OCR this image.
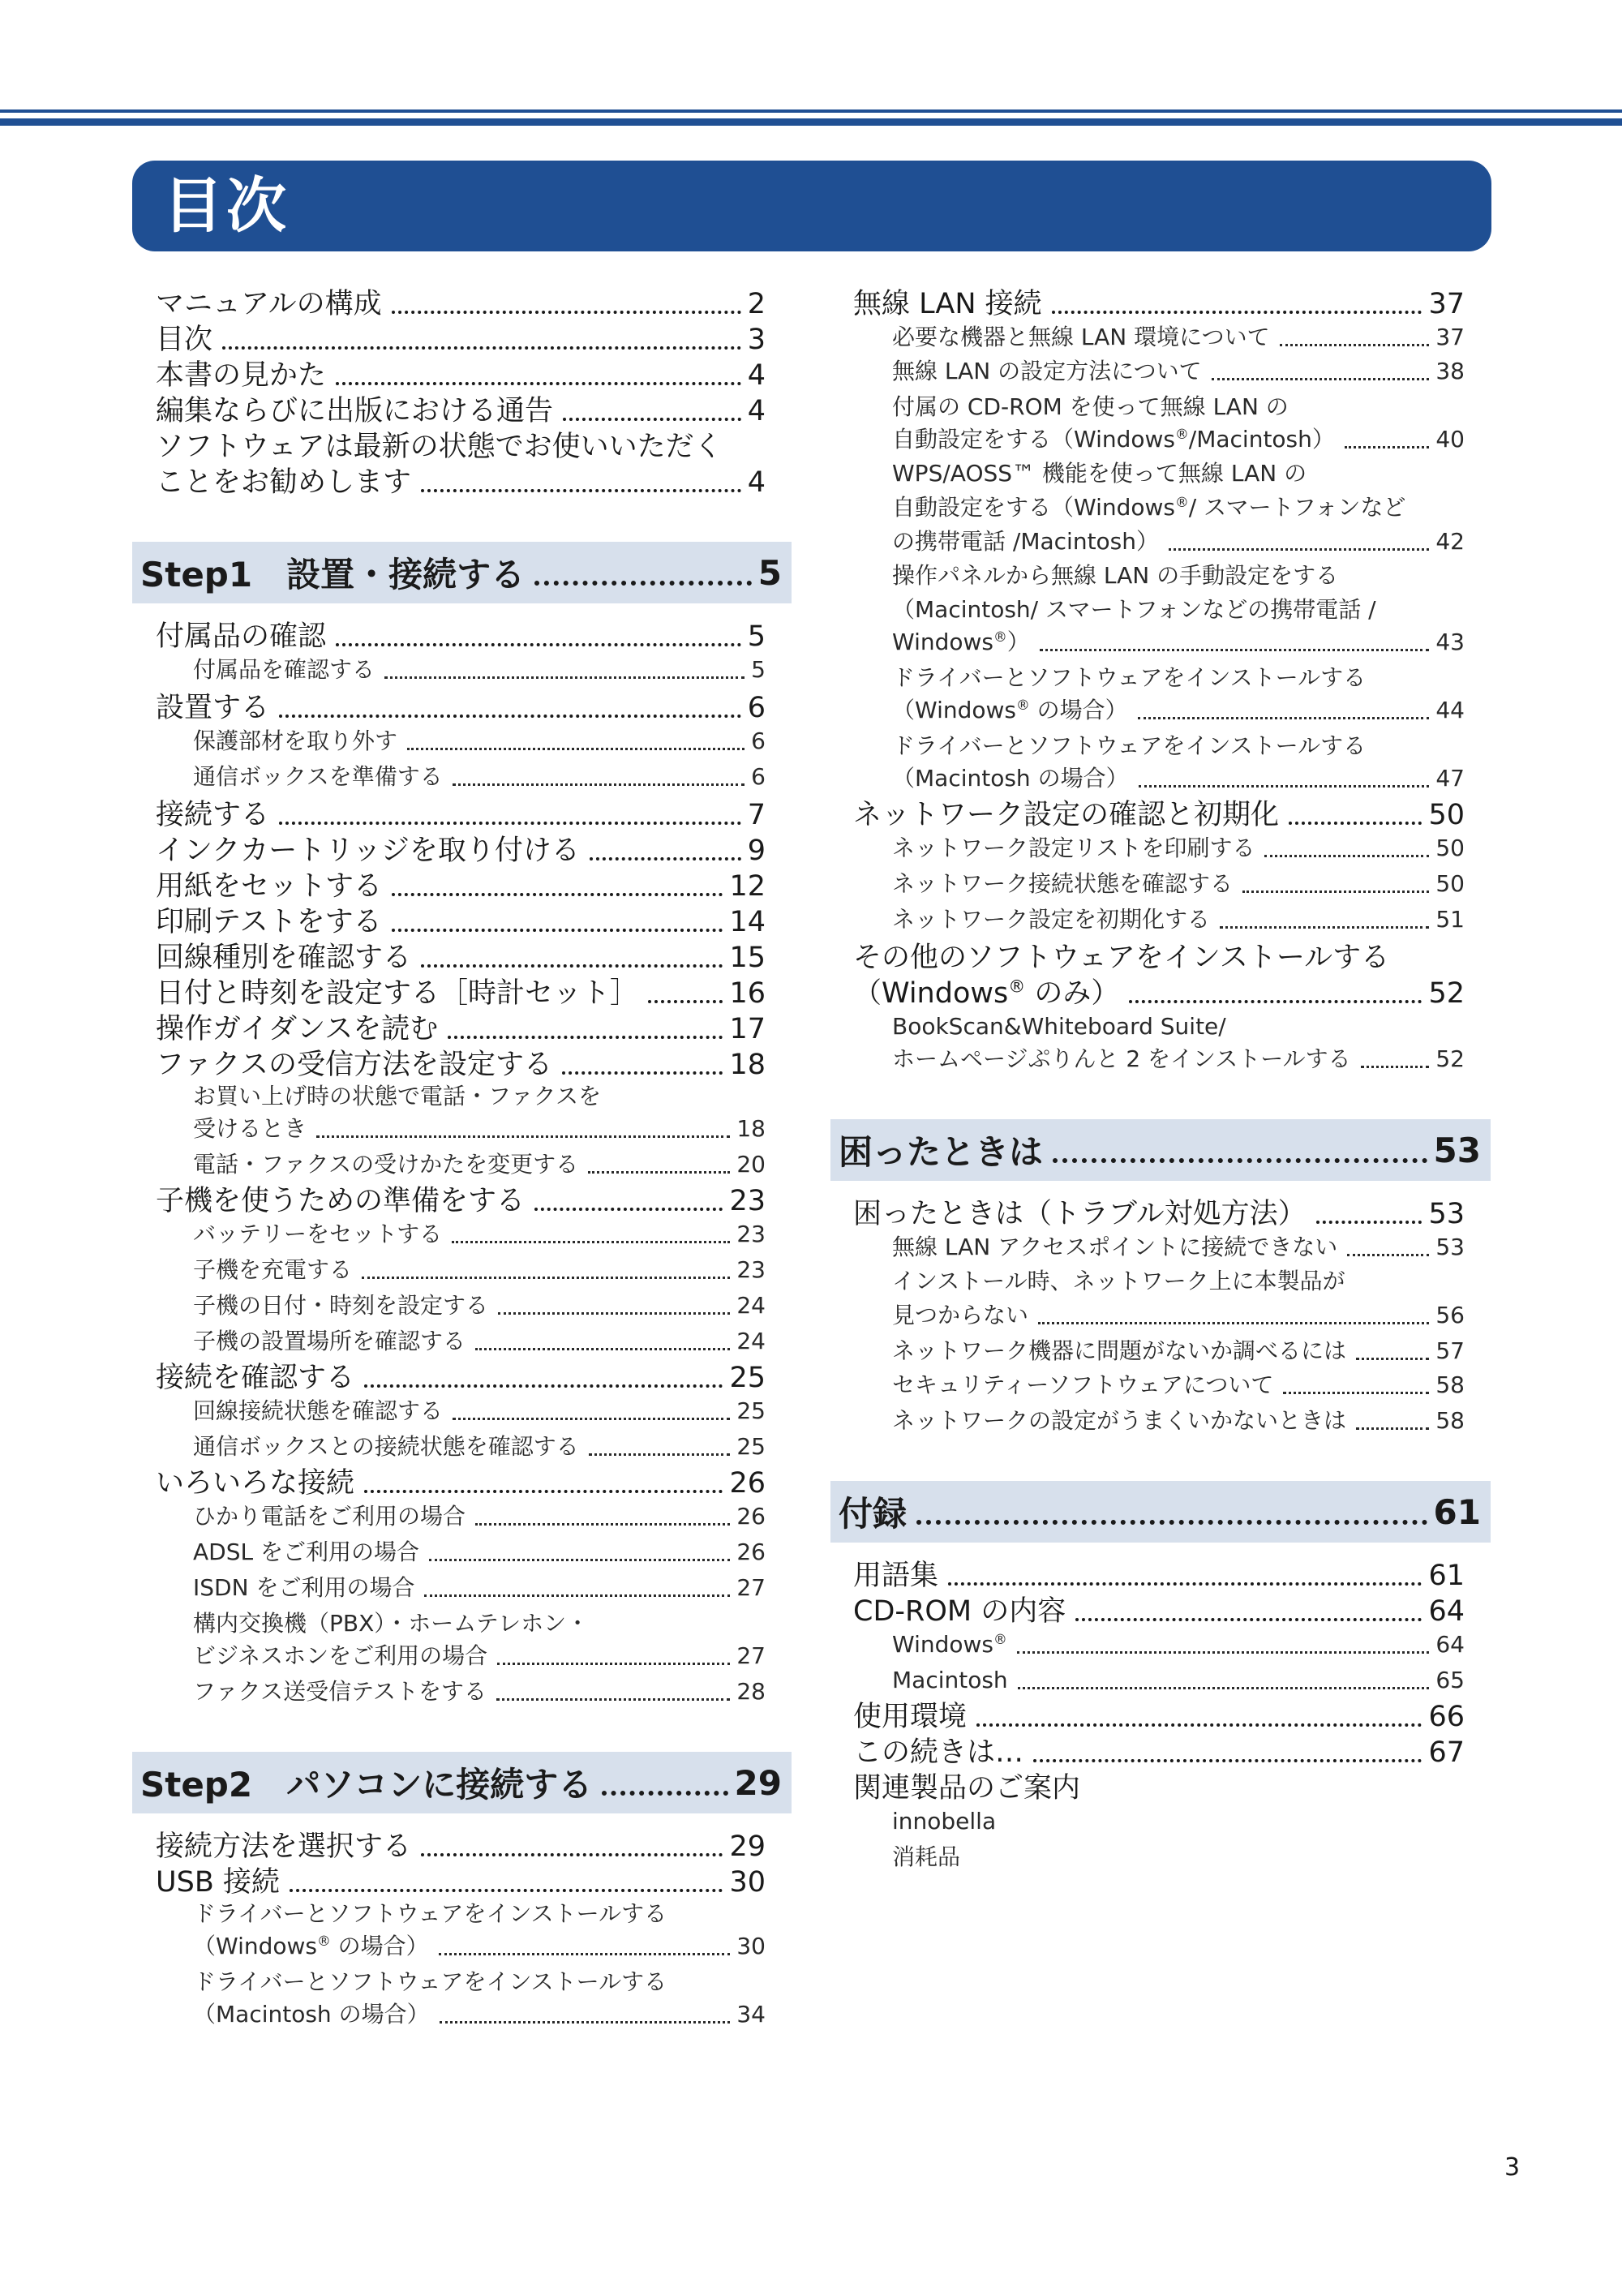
目次
マニュアルの構成	2
目次	3
本書の見かた	4
編集ならびに出版における通告	4
ソフトウェアは最新の状態でお使いいただく
ことをお勧めします	4
Step1　設置・接続する	5
付属品の確認	5
付属品を確認する	5
設置する	6
保護部材を取り外す	6
通信ボックスを準備する	6
接続する	7
インクカートリッジを取り付ける	9
用紙をセットする	12
印刷テストをする	14
回線種別を確認する	15
日付と時刻を設定する［時計セット］	16
操作ガイダンスを読む	17
ファクスの受信方法を設定する	18
お買い上げ時の状態で電話・ファクスを
受けるとき	18
電話・ファクスの受けかたを変更する	20
子機を使うための準備をする	23
バッテリーをセットする	23
子機を充電する	23
子機の日付・時刻を設定する	24
子機の設置場所を確認する	24
接続を確認する	25
回線接続状態を確認する	25
通信ボックスとの接続状態を確認する	25
いろいろな接続	26
ひかり電話をご利用の場合	26
ADSL をご利用の場合	26
ISDN をご利用の場合	27
構内交換機（PBX）・ホームテレホン・
ビジネスホンをご利用の場合	27
ファクス送受信テストをする	28
Step2　パソコンに接続する	29
接続方法を選択する	29
USB 接続	30
ドライバーとソフトウェアをインストールする
（Windows® の場合）	30
ドライバーとソフトウェアをインストールする
（Macintosh の場合）	34
無線 LAN 接続	37
必要な機器と無線 LAN 環境について	37
無線 LAN の設定方法について	38
付属の CD-ROM を使って無線 LAN の
自動設定をする（Windows®/Macintosh）	40
WPS/AOSS™ 機能を使って無線 LAN の
自動設定をする（Windows®/ スマートフォンなど
の携帯電話 /Macintosh）	42
操作パネルから無線 LAN の手動設定をする
（Macintosh/ スマートフォンなどの携帯電話 /
Windows®）	43
ドライバーとソフトウェアをインストールする
（Windows® の場合）	44
ドライバーとソフトウェアをインストールする
（Macintosh の場合）	47
ネットワーク設定の確認と初期化	50
ネットワーク設定リストを印刷する	50
ネットワーク接続状態を確認する	50
ネットワーク設定を初期化する	51
その他のソフトウェアをインストールする
（Windows® のみ）	52
BookScan&Whiteboard Suite/
ホームページぷりんと 2 をインストールする	52
困ったときは	53
困ったときは（トラブル対処方法）	53
無線 LAN アクセスポイントに接続できない	53
インストール時、ネットワーク上に本製品が
見つからない	56
ネットワーク機器に問題がないか調べるには	57
セキュリティーソフトウェアについて	58
ネットワークの設定がうまくいかないときは	58
付録	61
用語集	61
CD-ROM の内容	64
Windows®	64
Macintosh	65
使用環境	66
この続きは…	67
関連製品のご案内
innobella
消耗品
3
